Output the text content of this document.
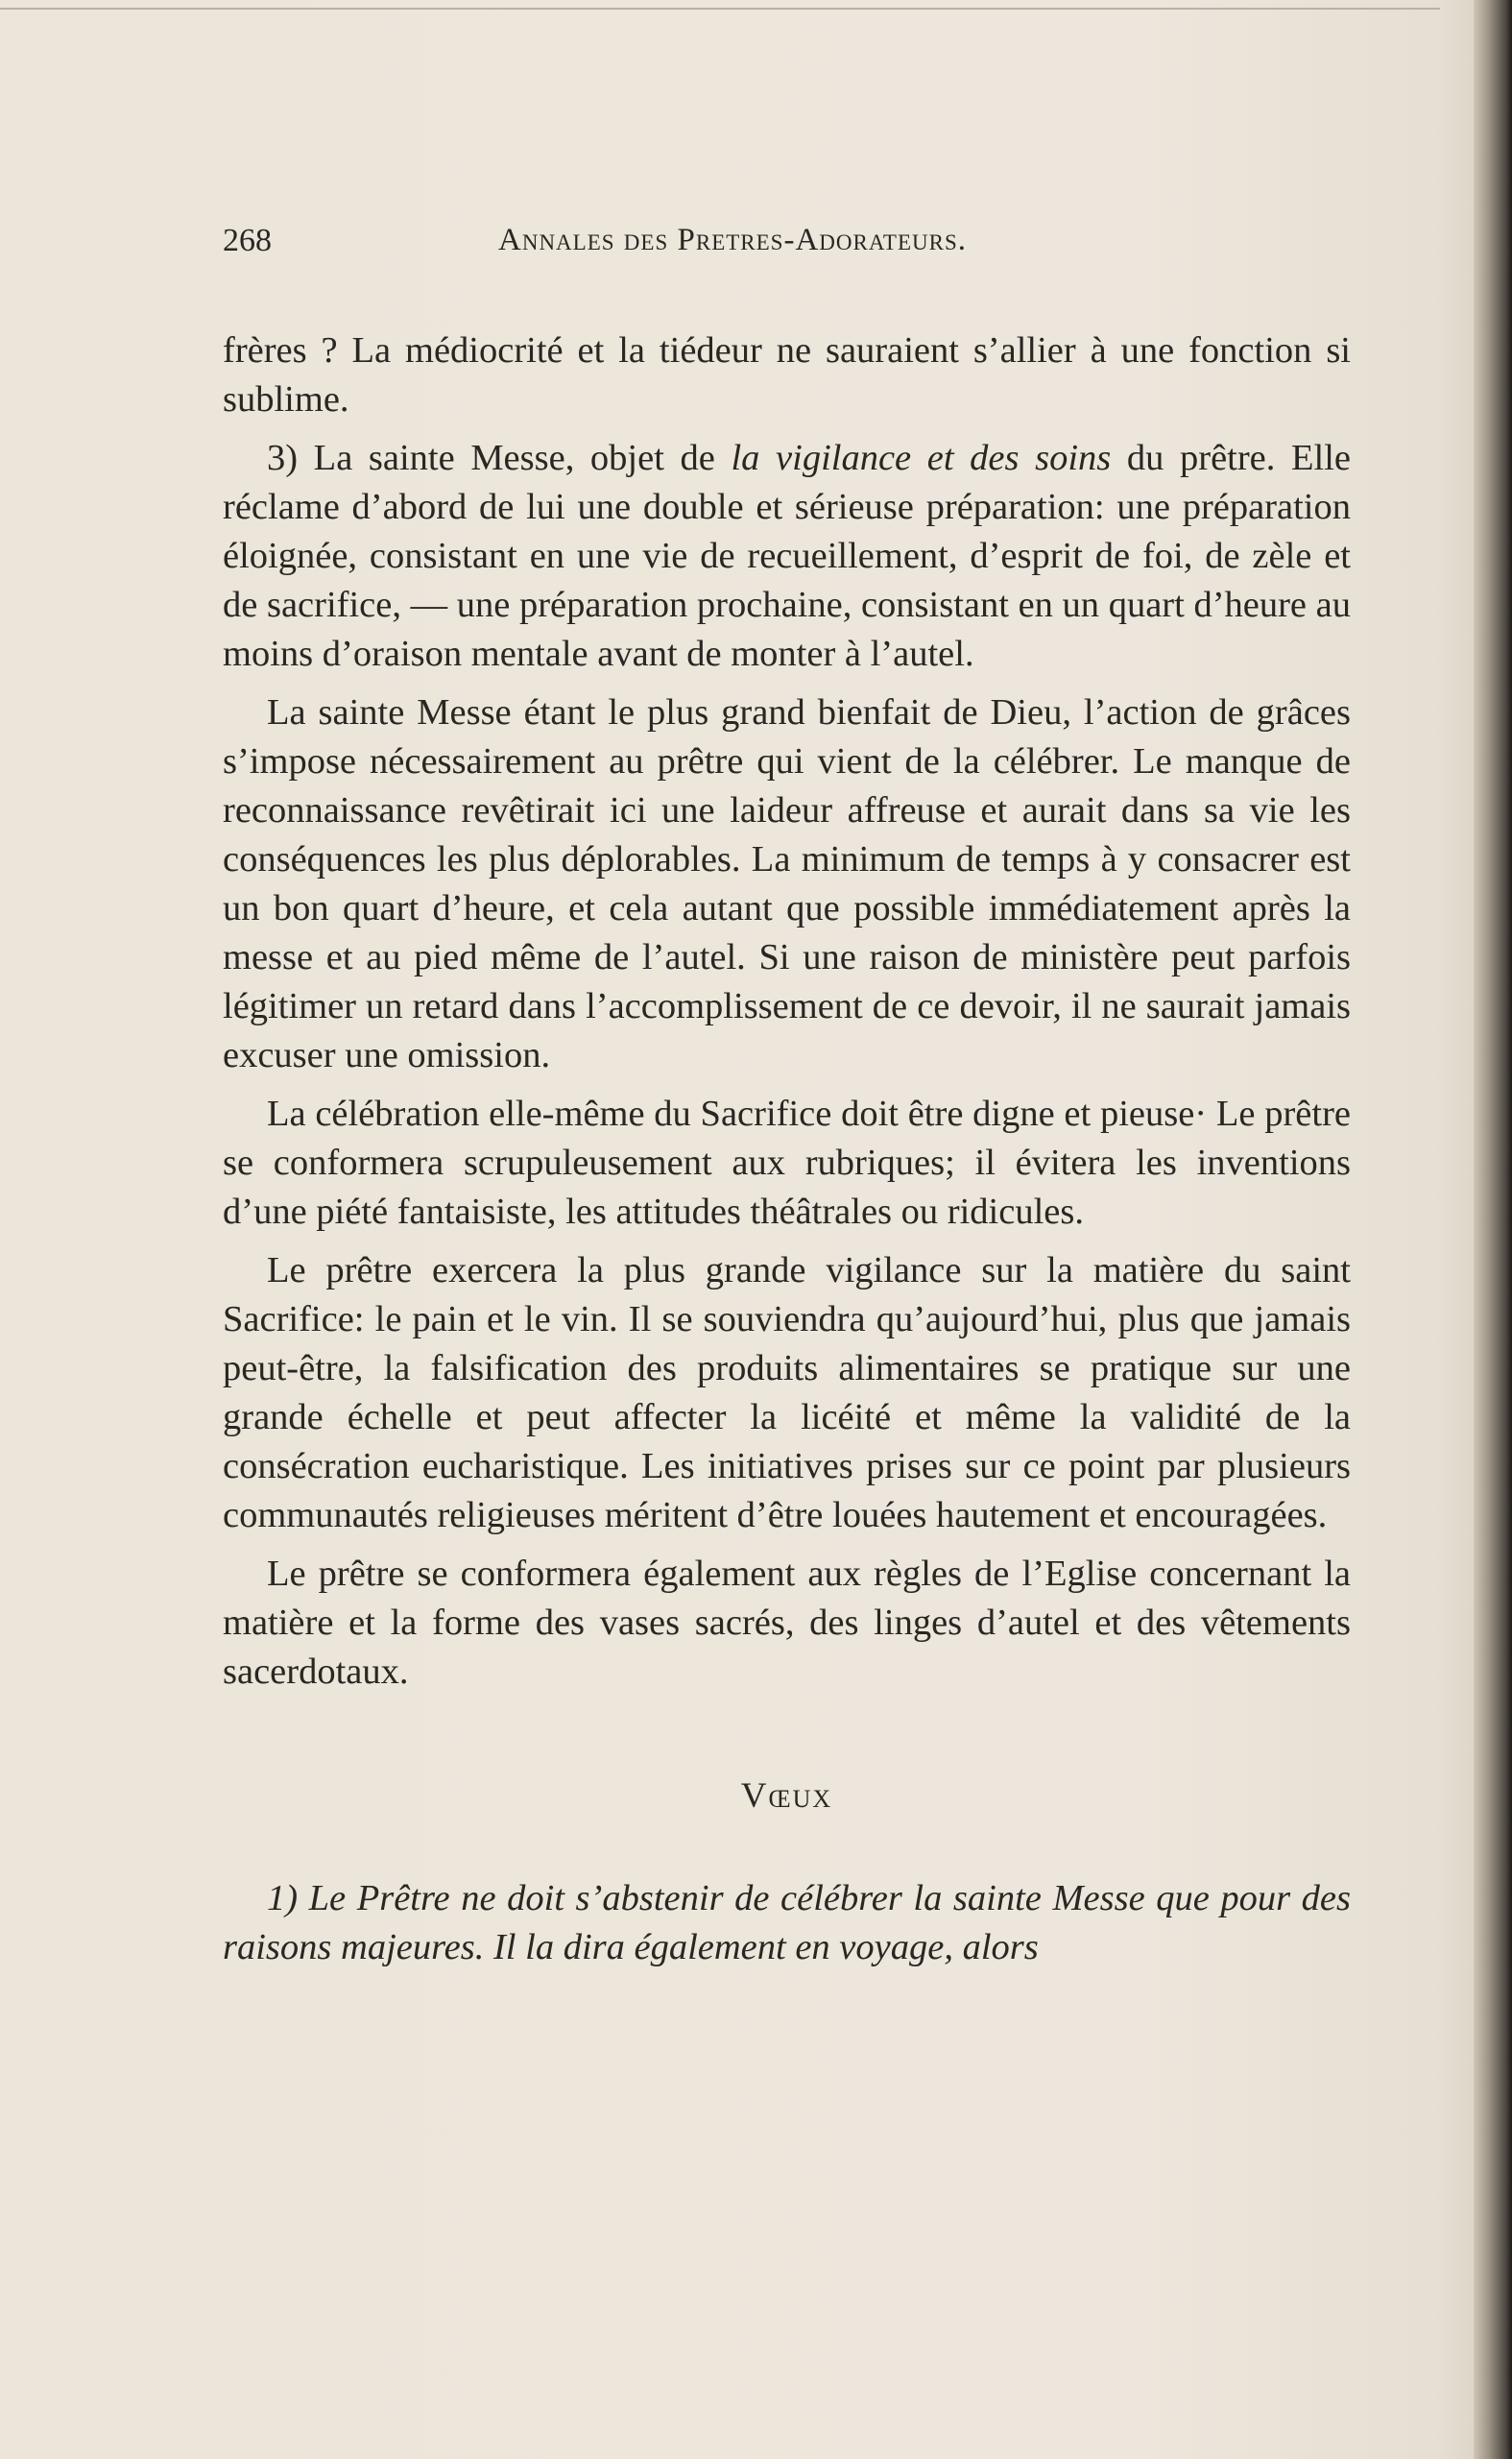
268	Annales des Pretres-Adorateurs.

frères ? La médiocrité et la tiédeur ne sauraient s’allier à une fonction si sublime.

3) La sainte Messe, objet de la vigilance et des soins du prêtre. Elle réclame d’abord de lui une double et sérieuse préparation: une préparation éloignée, consistant en une vie de recueillement, d’esprit de foi, de zèle et de sacrifice, — une préparation prochaine, consistant en un quart d’heure au moins d’oraison mentale avant de monter à l’autel.

La sainte Messe étant le plus grand bienfait de Dieu, l’action de grâces s’impose nécessairement au prêtre qui vient de la célébrer. Le manque de reconnaissance revêtirait ici une laideur affreuse et aurait dans sa vie les conséquences les plus déplorables. La minimum de temps à y consacrer est un bon quart d’heure, et cela autant que possible immédiatement après la messe et au pied même de l’autel. Si une raison de ministère peut parfois légitimer un retard dans l’accomplissement de ce devoir, il ne saurait jamais excuser une omission.

La célébration elle-même du Sacrifice doit être digne et pieuse· Le prêtre se conformera scrupuleusement aux rubriques; il évitera les inventions d’une piété fantaisiste, les attitudes théâtrales ou ridicules.

Le prêtre exercera la plus grande vigilance sur la matière du saint Sacrifice: le pain et le vin. Il se souviendra qu’aujourd’hui, plus que jamais peut-être, la falsification des produits alimentaires se pratique sur une grande échelle et peut affecter la licéité et même la validité de la consécration eucharistique. Les initiatives prises sur ce point par plusieurs communautés religieuses méritent d’être louées hautement et encouragées.

Le prêtre se conformera également aux règles de l’Eglise concernant la matière et la forme des vases sacrés, des linges d’autel et des vêtements sacerdotaux.

Vœux

1) Le Prêtre ne doit s’abstenir de célébrer la sainte Messe que pour des raisons majeures. Il la dira également en voyage, alors
